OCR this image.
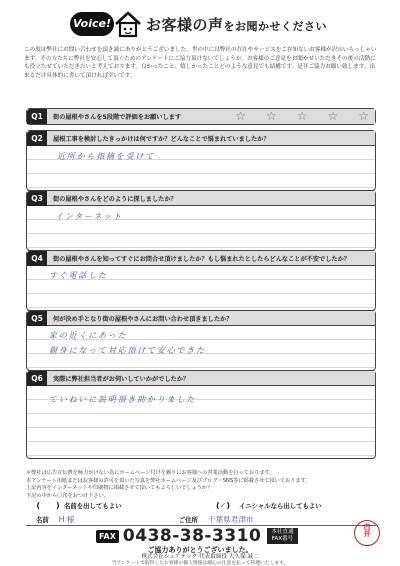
Voice! お客様の声をお聞かせください
この度は弊社にお問い合わせを頂き誠にありがとうございました。世の中には弊社の存在やサービスをご存知ないお客様が沢山いらっしゃいます。その方たちに弊社を安心して頂くためのアンケートにご協力頂けないでしょうか。お客様のご意見をお聞かせいただきその後の活動にも役立たせていただきたいと考えております。良かったこと、嬉しかったことどのような意見でも結構です。是非ご協力お願い致します。出来るだけ具体的に書いて頂ければ幸いです。
Q1	街の屋根やさんを5段階で評価をお願いします	☆ ☆ ☆ ☆ ☆
Q2	屋根工事を検討したきっかけは何ですか？どんなことで悩まれていましたか？
近所から指摘を受けて
Q3	街の屋根やさんをどのように探しましたか？
インターネット
Q4	街の屋根やさんを知ってすぐにお問合せ頂けましたか？もし悩まれたとしたらどんなことが不安でしたか？
すぐ電話した
Q5	何が決め手となり街の屋根やさんにお問い合わせ頂きましたか？
家の近くにあった
親身になって対応頂けて安心できた
Q6	実際に弊社担当者がお伺いしていかがでしたか？
ていねいに説明頂き助かりました
＊弊社は広告宣伝費を極力かけない為にホームページ付けを頼りにお客様への営業活動を行っております。
本アンケート用紙またはお客様の許可を頂いた写真を弊社ホームページ及びブログ・SNS等に掲載させて頂いております。
上記内容をインターネットや印刷物に掲載させて頂いてもよろしいでしょうか？
下記の中から〇印をおつけ下さい。
(　　) 名前を出してもよい	(✓)	イニシャルなら出してもよい
名前 H 様	ご住所 千葉県君津市
FAX 0438-38-3310	本社直通
FAX番号
白井
ご協力ありがとうございました。
株式会社シェアテック 代表取締役 大久保 誠二
当アンケートで取得したお客様の個人情報は細心の注意を払って管理いたします。
